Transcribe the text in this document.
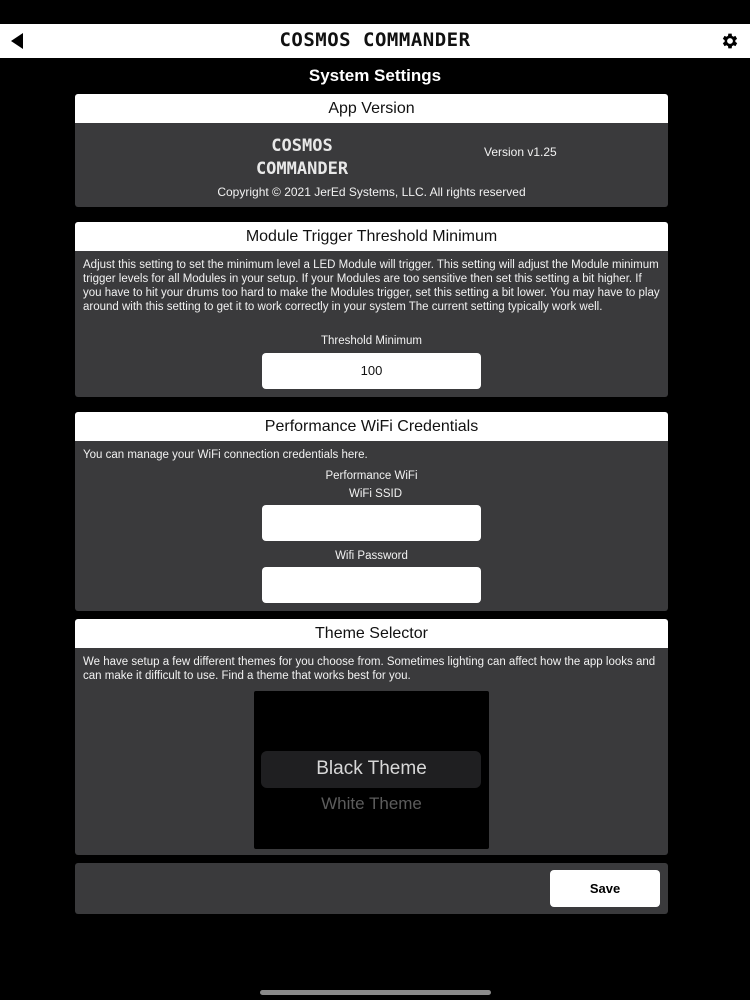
COSMOS COMMANDER
System Settings
App Version
COSMOS
COMMANDER
Version v1.25
Copyright © 2021 JerEd Systems, LLC. All rights reserved
Module Trigger Threshold Minimum
Adjust this setting to set the minimum level a LED Module will trigger. This setting will adjust the Module minimum trigger levels for all Modules in your setup. If your Modules are too sensitive then set this setting a bit higher. If you have to hit your drums too hard to make the Modules trigger, set this setting a bit lower. You may have to play around with this setting to get it to work correctly in your system The current setting typically work well.
Threshold Minimum
100
Performance WiFi Credentials
You can manage your WiFi connection credentials here.
Performance WiFi
WiFi SSID
Wifi Password
Theme Selector
We have setup a few different themes for you choose from. Sometimes lighting can affect how the app looks and can make it difficult to use. Find a theme that works best for you.
Black Theme
White Theme
Save
